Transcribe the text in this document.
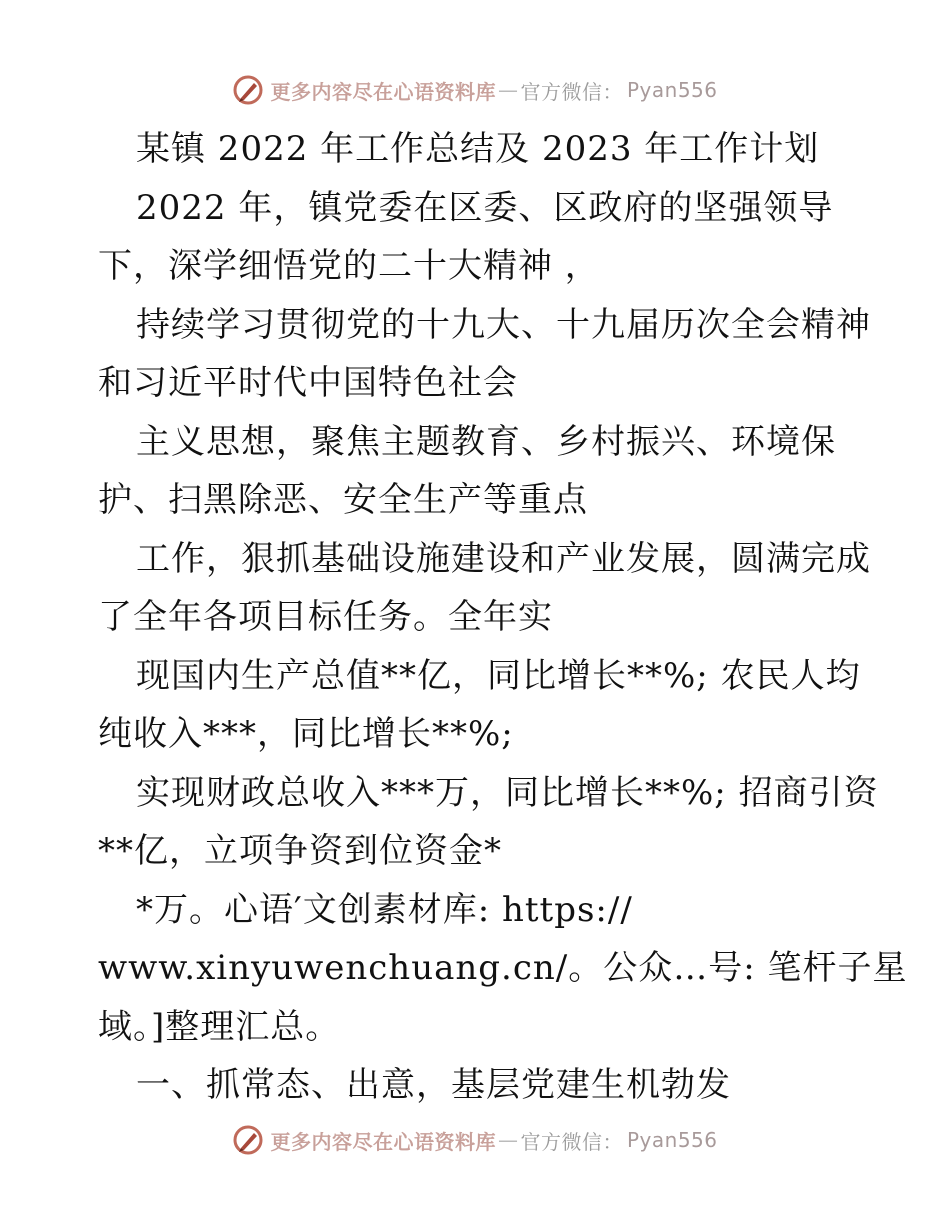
更多内容尽在心语资料库 — 官方微信： Pyan556
某镇 2022 年工作总结及 2023 年工作计划
2022 年，镇党委在区委、区政府的坚强领导
下，深学细悟党的二十大精神 ，
持续学习贯彻党的十九大、十九届历次全会精神
和习近平时代中国特色社会
主义思想，聚焦主题教育、乡村振兴、环境保
护、扫黑除恶、安全生产等重点
工作，狠抓基础设施建设和产业发展，圆满完成
了全年各项目标任务。全年实
现国内生产总值**亿，同比增长**%; 农民人均
纯收入***，同比增长**%;
实现财政总收入***万，同比增长**%; 招商引资
**亿，立项争资到位资金*
*万。心语′文创素材库: https://
www.xinyuwenchuang.cn/。公众…号: 笔杆子星
域。]整理汇总。
一、抓常态、出意，基层党建生机勃发
更多内容尽在心语资料库 — 官方微信： Pyan556
